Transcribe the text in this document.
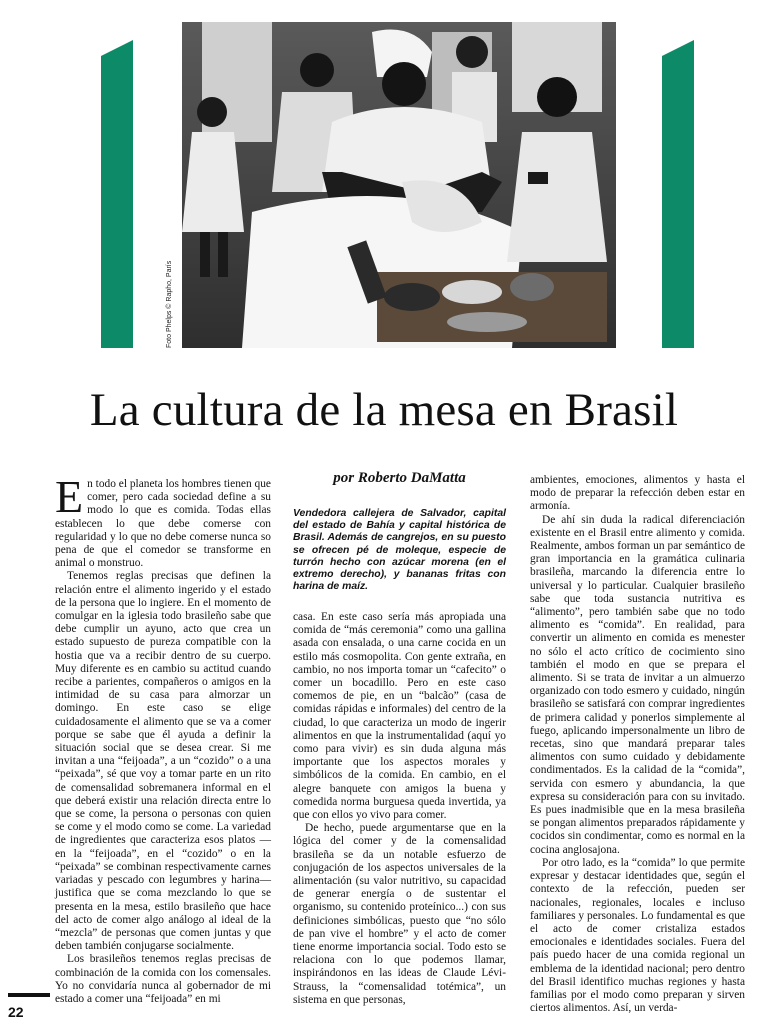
Foto Phelps © Rapho, París
La cultura de la mesa en Brasil

En todo el planeta los hombres tienen que comer, pero cada sociedad define a su modo lo que es comida. Todas ellas establecen lo que debe comerse con regularidad y lo que no debe comerse nunca so pena de que el comedor se transforme en animal o monstruo.

Tenemos reglas precisas que definen la relación entre el alimento ingerido y el estado de la persona que lo ingiere. En el momento de comulgar en la iglesia todo brasileño sabe que debe cumplir un ayuno, acto que crea un estado supuesto de pureza compatible con la hostia que va a recibir dentro de su cuerpo. Muy diferente es en cambio su actitud cuando recibe a parientes, compañeros o amigos en la intimidad de su casa para almorzar un domingo. En este caso se elige cuidadosamente el alimento que se va a comer porque se sabe que él ayuda a definir la situación social que se desea crear. Si me invitan a una “feijoada”, a un “cozido” o a una “peixada”, sé que voy a tomar parte en un rito de comensalidad sobremanera informal en el que deberá existir una relación directa entre lo que se come, la persona o personas con quien se come y el modo como se come. La variedad de ingredientes que caracteriza esos platos —en la “feijoada”, en el “cozido” o en la “peixada” se combinan respectivamente carnes variadas y pescado con legumbres y harina— justifica que se coma mezclando lo que se presenta en la mesa, estilo brasileño que hace del acto de comer algo análogo al ideal de la “mezcla” de personas que comen juntas y que deben también conjugarse socialmente.

Los brasileños tenemos reglas precisas de combinación de la comida con los comensales. Yo no convidaría nunca al gobernador de mi estado a comer una “feijoada” en mi

por Roberto DaMatta
Vendedora callejera de Salvador, capital del estado de Bahía y capital histórica de Brasil. Además de cangrejos, en su puesto se ofrecen pé de moleque, especie de turrón hecho con azúcar morena (en el extremo derecho), y bananas fritas con harina de maíz.

casa. En este caso sería más apropiada una comida de “más ceremonia” como una gallina asada con ensalada, o una carne cocida en un estilo más cosmopolita. Con gente extraña, en cambio, no nos importa tomar un “cafecito” o comer un bocadillo. Pero en este caso comemos de pie, en un “balcão” (casa de comidas rápidas e informales) del centro de la ciudad, lo que caracteriza un modo de ingerir alimentos en que la instrumentalidad (aquí yo como para vivir) es sin duda alguna más importante que los aspectos morales y simbólicos de la comida. En cambio, en el alegre banquete con amigos la buena y comedida norma burguesa queda invertida, ya que con ellos yo vivo para comer.

De hecho, puede argumentarse que en la lógica del comer y de la comensalidad brasileña se da un notable esfuerzo de conjugación de los aspectos universales de la alimentación (su valor nutritivo, su capacidad de generar energía o de sustentar el organismo, su contenido proteínico...) con sus definiciones simbólicas, puesto que “no sólo de pan vive el hombre” y el acto de comer tiene enorme importancia social. Todo esto se relaciona con lo que podemos llamar, inspirándonos en las ideas de Claude Lévi-Strauss, la “comensalidad totémica”, un sistema en que personas,

ambientes, emociones, alimentos y hasta el modo de preparar la refección deben estar en armonía.

De ahí sin duda la radical diferenciación existente en el Brasil entre alimento y comida. Realmente, ambos forman un par semántico de gran importancia en la gramática culinaria brasileña, marcando la diferencia entre lo universal y lo particular. Cualquier brasileño sabe que toda sustancia nutritiva es “alimento”, pero también sabe que no todo alimento es “comida”. En realidad, para convertir un alimento en comida es menester no sólo el acto crítico de cocimiento sino también el modo en que se prepara el alimento. Si se trata de invitar a un almuerzo organizado con todo esmero y cuidado, ningún brasileño se satisfará con comprar ingredientes de primera calidad y ponerlos simplemente al fuego, aplicando impersonalmente un libro de recetas, sino que mandará preparar tales alimentos con sumo cuidado y debidamente condimentados. Es la calidad de la “comida”, servida con esmero y abundancia, la que expresa su consideración para con su invitado. Es pues inadmisible que en la mesa brasileña se pongan alimentos preparados rápidamente y cocidos sin condimentar, como es normal en la cocina anglosajona.

Por otro lado, es la “comida” lo que permite expresar y destacar identidades que, según el contexto de la refección, pueden ser nacionales, regionales, locales e incluso familiares y personales. Lo fundamental es que el acto de comer cristaliza estados emocionales e identidades sociales. Fuera del país puedo hacer de una comida regional un emblema de la identidad nacional; pero dentro del Brasil identifico muchas regiones y hasta familias por el modo como preparan y sirven ciertos alimentos. Así, un verda-

22
